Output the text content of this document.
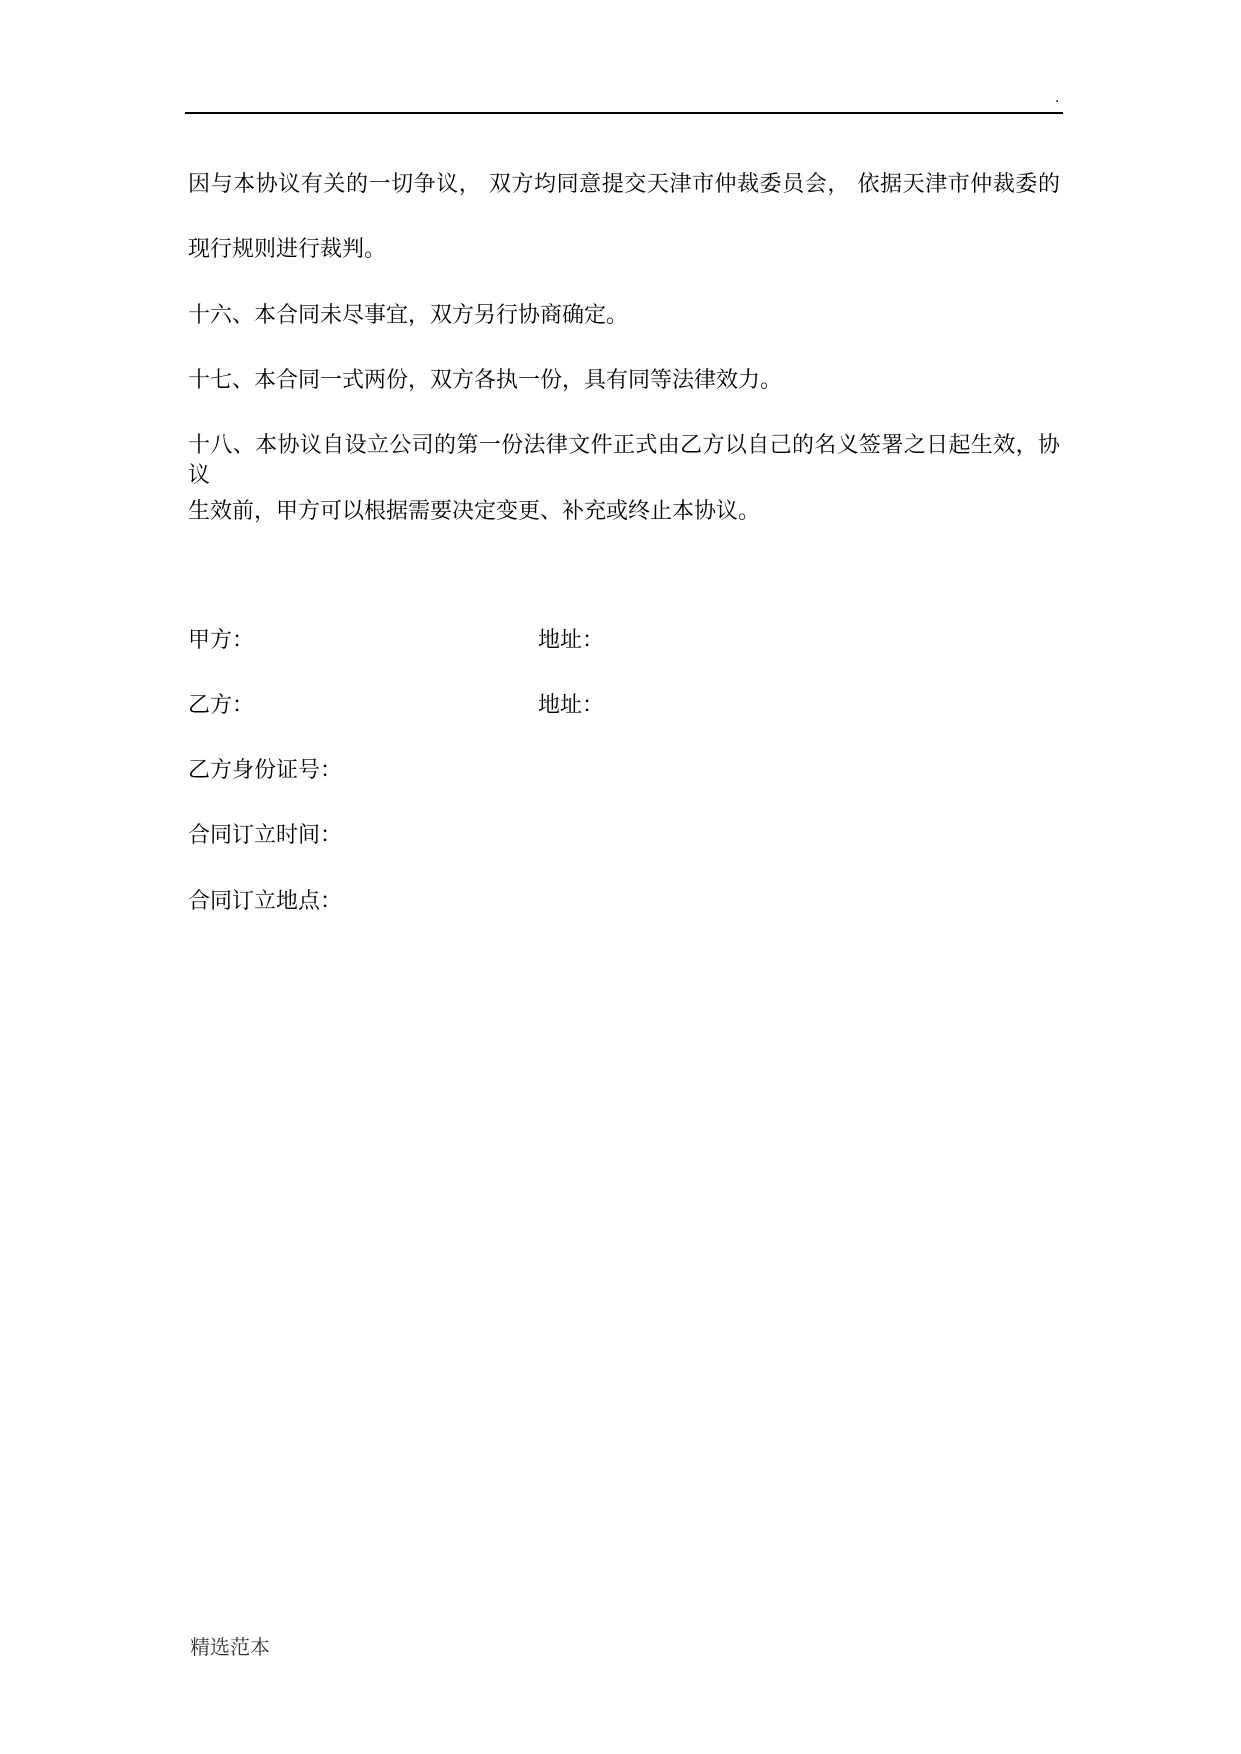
.
因与本协议有关的一切争议， 双方均同意提交天津市仲裁委员会， 依据天津市仲裁委的
现行规则进行裁判。
十六、本合同未尽事宜，双方另行协商确定。
十七、本合同一式两份，双方各执一份，具有同等法律效力。
十八、本协议自设立公司的第一份法律文件正式由乙方以自己的名义签署之日起生效，协议
生效前，甲方可以根据需要决定变更、补充或终止本协议。
甲方：	地址：
乙方：	地址：
乙方身份证号：
合同订立时间：
合同订立地点：
精选范本
